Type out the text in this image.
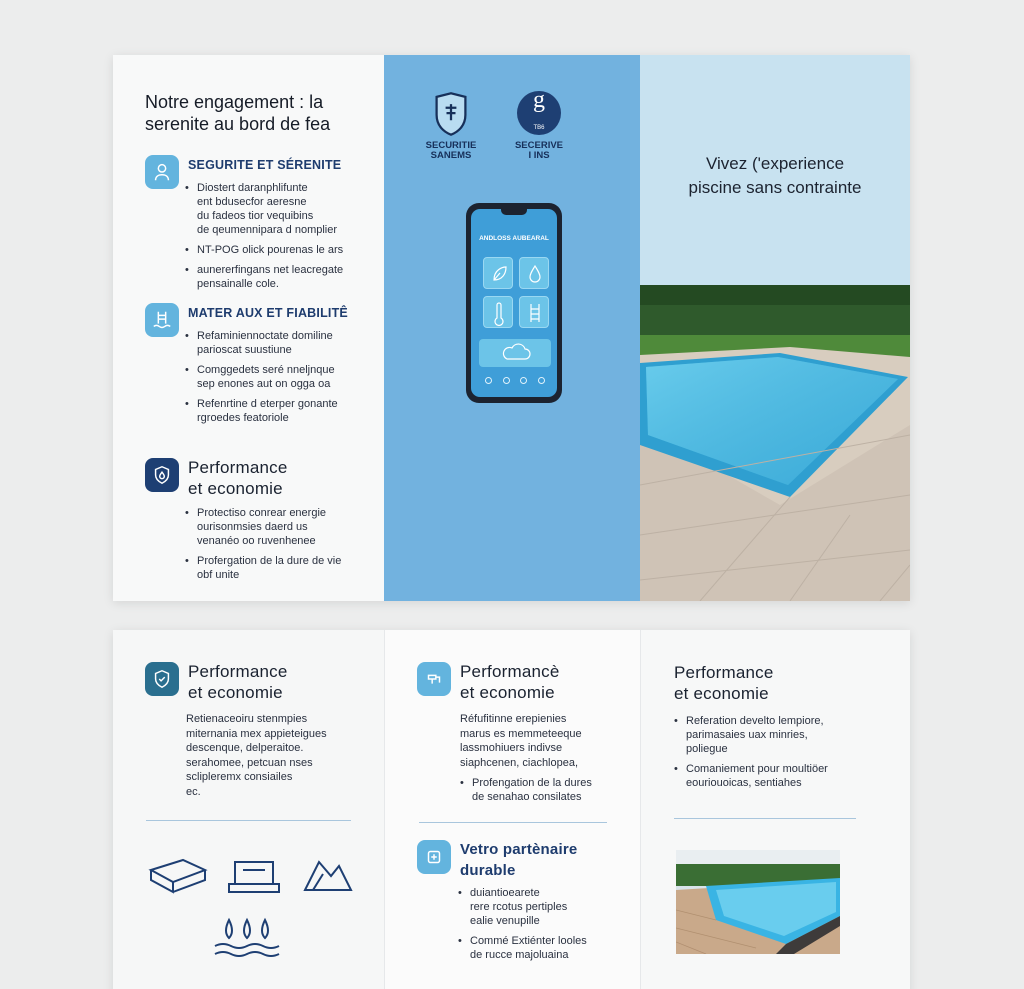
Notre engagement : la serenite au bord de fea
SEGURITE ET SÉRENITE
• Diostert daranphlifunte
ent bdusecfor aeresne
du fadeos tior vequibins
de qeumennipara d nomplier
• NT-POG olick pourenas le ars
• aunererfingans net leacregate
pensainalle cole.
MATER AUX ET FIABILITÊ
• Refaminiennoctate domiline
parioscat suustiune
• Comggedets seré nneljnque
sep enones aut on ogga oa
• Refenrtine d eterper gonante
rgroedes featoriole
Performance
et economie
• Protectiso conrear energie
ourisonmsies daerd us
venanéo oo ruvenhenee
• Profergation de la dure de vie
obf unite
SECURITIE
SANEMS
g
TB6
SECERIVE
I INS
ANDLOSS AUBEARAL
Vivez ('experience
piscine sans contrainte
Performance
et economie
Retienaceoiru stenmpies
miternania mex appieteigues
descenque, delperaitoe.
serahomee, petcuan nses
sclipleremx consiailes
ec.
Performancè
et economie
Réfufitinne erepienies
marus es memmeteeque
lassmohiuers indivse
siaphcenen, ciachlopea,
• Profengation de la dures
de senahao consilates
Vetro partènaire
durable
• duiantioearete
rere rcotus pertiples
ealie venupille
• Commé Extiénter looles
de rucce majoluaina
Performance
et economie
• Referation develto lempiore,
parimasaies uax minries,
poliegue
• Comaniement pour moultiöer
eouriouoicas, sentiahes
